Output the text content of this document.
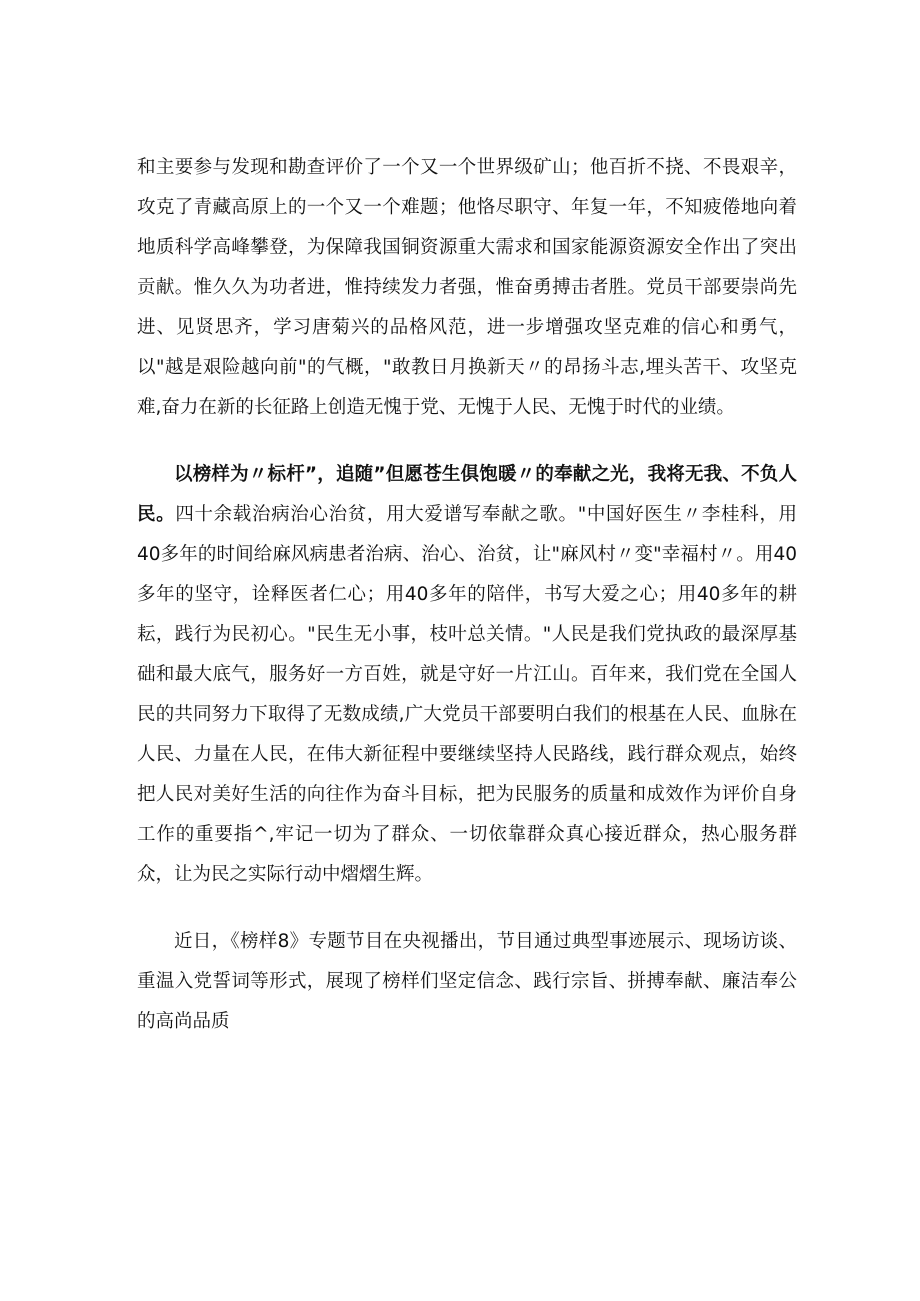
和主要参与发现和勘查评价了一个又一个世界级矿山；他百折不挠、不畏艰辛，攻克了青藏高原上的一个又一个难题；他恪尽职守、年复一年，不知疲倦地向着地质科学高峰攀登，为保障我国铜资源重大需求和国家能源资源安全作出了突出贡献。惟久久为功者进，惟持续发力者强，惟奋勇搏击者胜。党员干部要崇尚先进、见贤思齐，学习唐菊兴的品格风范，进一步增强攻坚克难的信心和勇气，以"越是艰险越向前"的气概，"敢教日月换新天〃的昂扬斗志,埋头苦干、攻坚克难,奋力在新的长征路上创造无愧于党、无愧于人民、无愧于时代的业绩。

以榜样为〃标杆”，追随”但愿苍生俱饱暖〃的奉献之光，我将无我、不负人民。四十余载治病治心治贫，用大爱谱写奉献之歌。"中国好医生〃李桂科，用40多年的时间给麻风病患者治病、治心、治贫，让"麻风村〃变"幸福村〃。用40多年的坚守，诠释医者仁心；用40多年的陪伴，书写大爱之心；用40多年的耕耘，践行为民初心。"民生无小事，枝叶总关情。"人民是我们党执政的最深厚基础和最大底气，服务好一方百姓，就是守好一片江山。百年来，我们党在全国人民的共同努力下取得了无数成绩,广大党员干部要明白我们的根基在人民、血脉在人民、力量在人民，在伟大新征程中要继续坚持人民路线，践行群众观点，始终把人民对美好生活的向往作为奋斗目标，把为民服务的质量和成效作为评价自身工作的重要指^,牢记一切为了群众、一切依靠群众真心接近群众，热心服务群众，让为民之实际行动中熠熠生辉。

近日，《榜样8》专题节目在央视播出，节目通过典型事迹展示、现场访谈、重温入党誓词等形式，展现了榜样们坚定信念、践行宗旨、拼搏奉献、廉洁奉公的高尚品质
